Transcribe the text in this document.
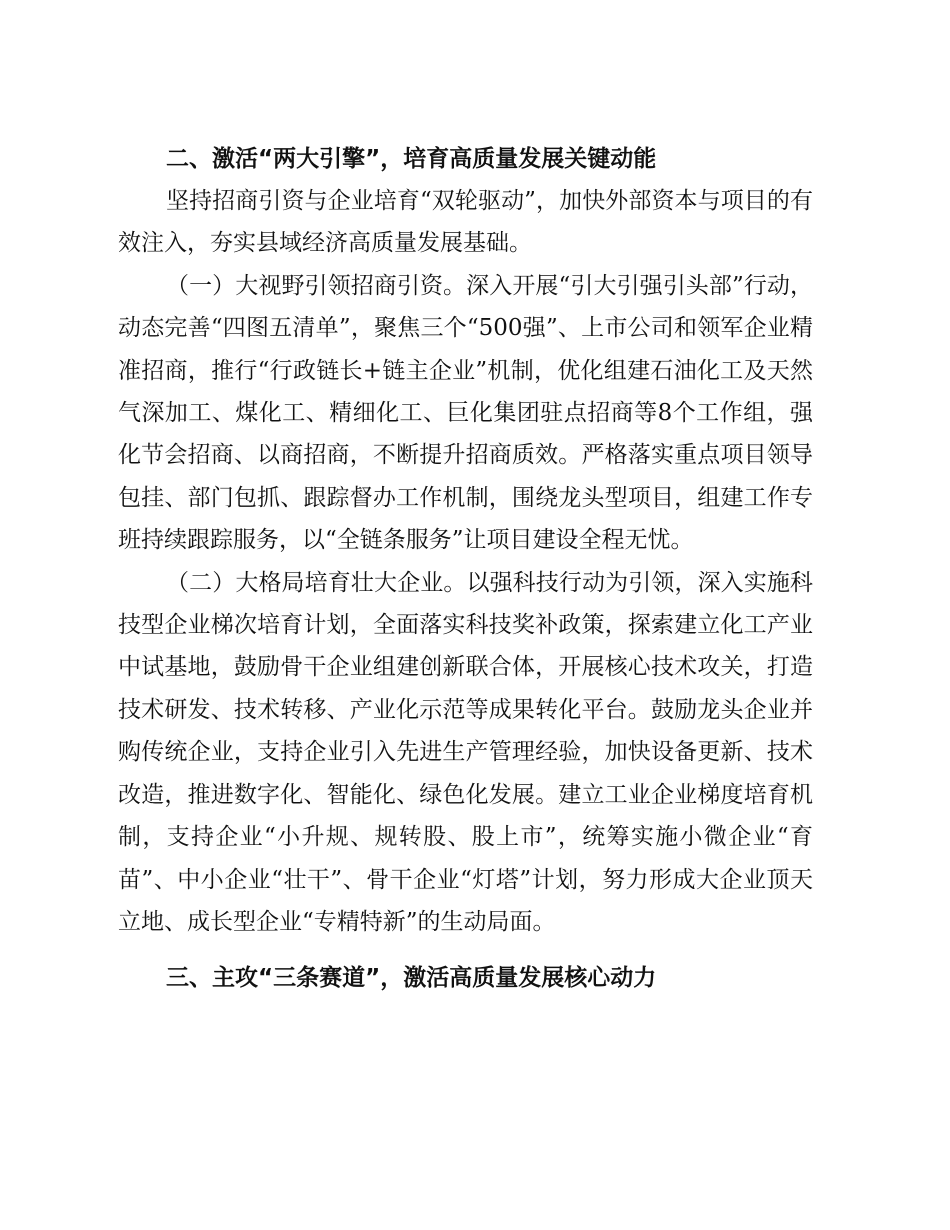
二、激活“两大引擎”，培育高质量发展关键动能

坚持招商引资与企业培育“双轮驱动”，加快外部资本与项目的有效注入，夯实县域经济高质量发展基础。

（一）大视野引领招商引资。深入开展“引大引强引头部”行动，动态完善“四图五清单”，聚焦三个“500强”、上市公司和领军企业精准招商，推行“行政链长+链主企业”机制，优化组建石油化工及天然气深加工、煤化工、精细化工、巨化集团驻点招商等8个工作组，强化节会招商、以商招商，不断提升招商质效。严格落实重点项目领导包挂、部门包抓、跟踪督办工作机制，围绕龙头型项目，组建工作专班持续跟踪服务，以“全链条服务”让项目建设全程无忧。

（二）大格局培育壮大企业。以强科技行动为引领，深入实施科技型企业梯次培育计划，全面落实科技奖补政策，探索建立化工产业中试基地，鼓励骨干企业组建创新联合体，开展核心技术攻关，打造技术研发、技术转移、产业化示范等成果转化平台。鼓励龙头企业并购传统企业，支持企业引入先进生产管理经验，加快设备更新、技术改造，推进数字化、智能化、绿色化发展。建立工业企业梯度培育机制，支持企业“小升规、规转股、股上市”，统筹实施小微企业“育苗”、中小企业“壮干”、骨干企业“灯塔”计划，努力形成大企业顶天立地、成长型企业“专精特新”的生动局面。

三、主攻“三条赛道”，激活高质量发展核心动力
